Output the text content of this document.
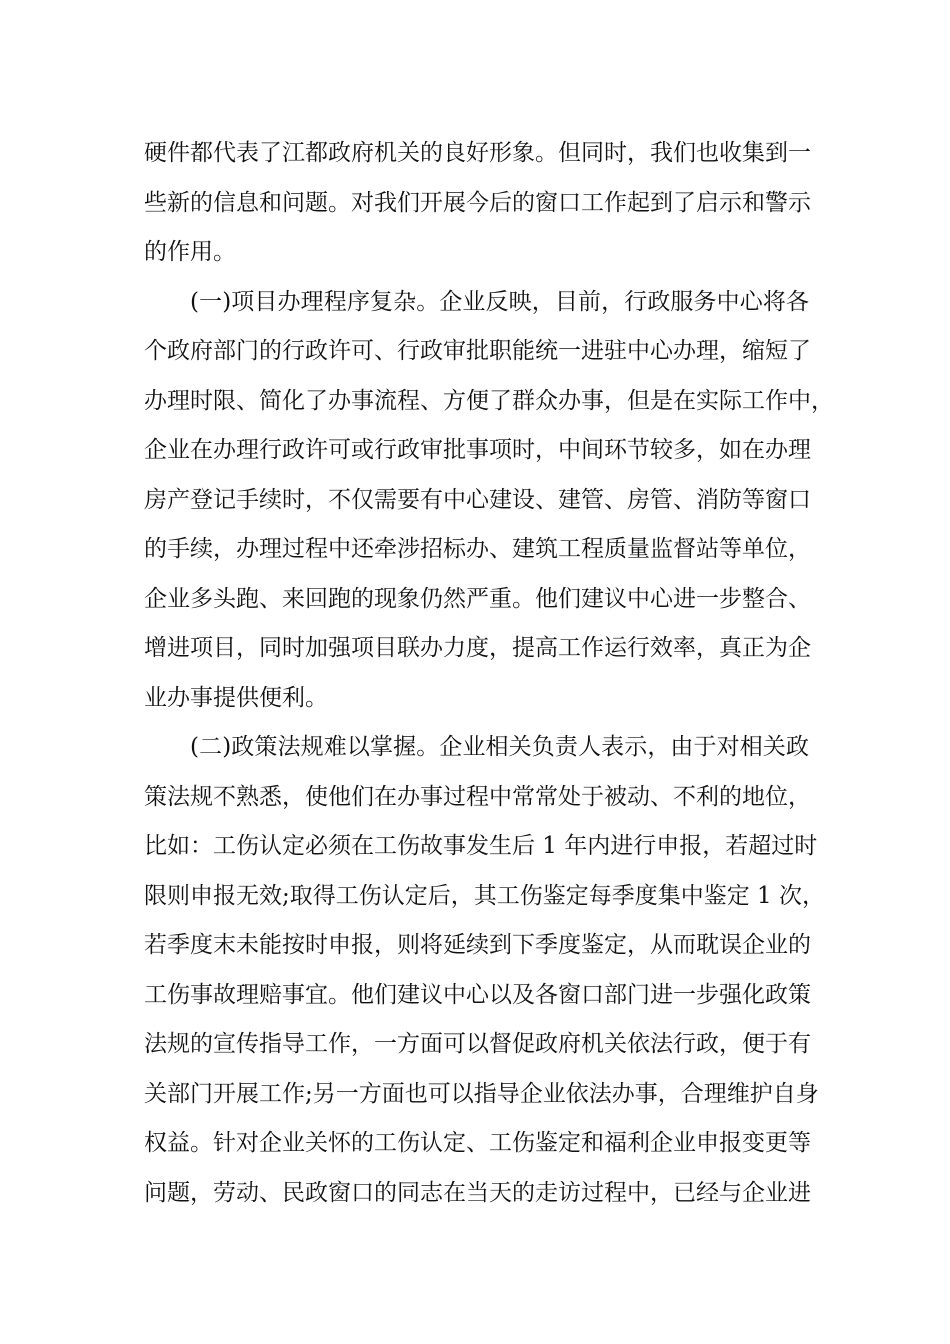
硬件都代表了江都政府机关的良好形象。但同时，我们也收集到一
些新的信息和问题。对我们开展今后的窗口工作起到了启示和警示
的作用。
(一)项目办理程序复杂。企业反映，目前，行政服务中心将各
个政府部门的行政许可、行政审批职能统一进驻中心办理，缩短了
办理时限、简化了办事流程、方便了群众办事，但是在实际工作中，
企业在办理行政许可或行政审批事项时，中间环节较多，如在办理
房产登记手续时，不仅需要有中心建设、建管、房管、消防等窗口
的手续，办理过程中还牵涉招标办、建筑工程质量监督站等单位，
企业多头跑、来回跑的现象仍然严重。他们建议中心进一步整合、
增进项目，同时加强项目联办力度，提高工作运行效率，真正为企
业办事提供便利。
(二)政策法规难以掌握。企业相关负责人表示，由于对相关政
策法规不熟悉，使他们在办事过程中常常处于被动、不利的地位，
比如：工伤认定必须在工伤故事发生后 1 年内进行申报，若超过时
限则申报无效;取得工伤认定后，其工伤鉴定每季度集中鉴定 1 次，
若季度末未能按时申报，则将延续到下季度鉴定，从而耽误企业的
工伤事故理赔事宜。他们建议中心以及各窗口部门进一步强化政策
法规的宣传指导工作，一方面可以督促政府机关依法行政，便于有
关部门开展工作;另一方面也可以指导企业依法办事，合理维护自身
权益。针对企业关怀的工伤认定、工伤鉴定和福利企业申报变更等
问题，劳动、民政窗口的同志在当天的走访过程中，已经与企业进
